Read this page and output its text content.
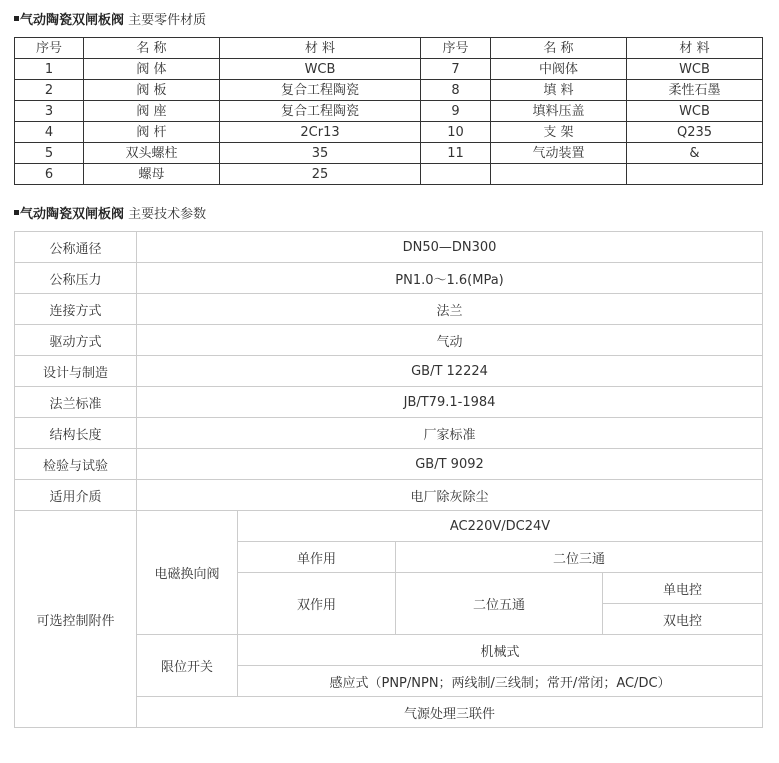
气动陶瓷双闸板阀 主要零件材质
序号	名 称	材 料	序号	名 称	材 料
1	阀 体	WCB	7	中阀体	WCB
2	阀 板	复合工程陶瓷	8	填 料	柔性石墨
3	阀 座	复合工程陶瓷	9	填料压盖	WCB
4	阀 杆	2Cr13	10	支 架	Q235
5	双头螺柱	35	11	气动装置	&
6	螺母	25			
气动陶瓷双闸板阀 主要技术参数
公称通径	DN50—DN300			
公称压力	PN1.0～1.6(MPa)			
连接方式	法兰			
驱动方式	气动			
设计与制造	GB/T 12224			
法兰标准	JB/T79.1-1984			
结构长度	厂家标准			
检验与试验	GB/T 9092			
适用介质	电厂除灰除尘			
可选控制附件	电磁换向阀	AC220V/DC24V		
		单作用	二位三通	
		双作用	二位五通	单电控
				双电控
	限位开关	机械式		
		感应式（PNP/NPN；两线制/三线制；常开/常闭；AC/DC）		
	气源处理三联件			
